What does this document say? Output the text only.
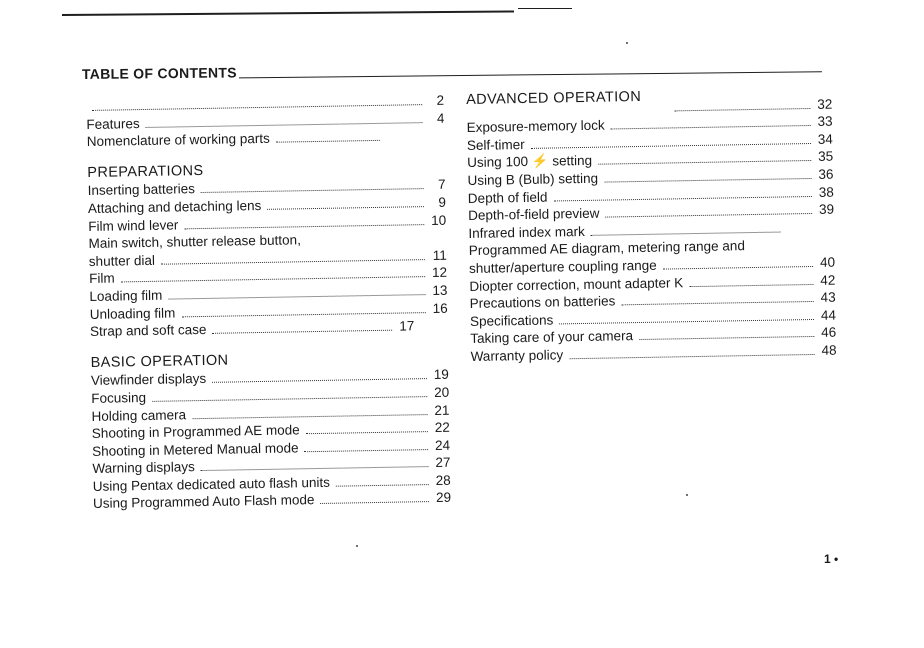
TABLE OF CONTENTS
2
Features	4
Nomenclature of working parts
PREPARATIONS
Inserting batteries	7
Attaching and detaching lens	9
Film wind lever	10
Main switch, shutter release button,
shutter dial	11
Film	12
Loading film	13
Unloading film	16
Strap and soft case	17
BASIC OPERATION
Viewfinder displays	19
Focusing	20
Holding camera	21
Shooting in Programmed AE mode	22
Shooting in Metered Manual mode	24
Warning displays	27
Using Pentax dedicated auto flash units	28
Using Programmed Auto Flash mode	29
ADVANCED OPERATION	32
Exposure-memory lock	33
Self-timer	34
Using 100 ⚡ setting	35
Using B (Bulb) setting	36
Depth of field	38
Depth-of-field preview	39
Infrared index mark
Programmed AE diagram, metering range and
shutter/aperture coupling range	40
Diopter correction, mount adapter K	42
Precautions on batteries	43
Specifications	44
Taking care of your camera	46
Warranty policy	48
1 •
